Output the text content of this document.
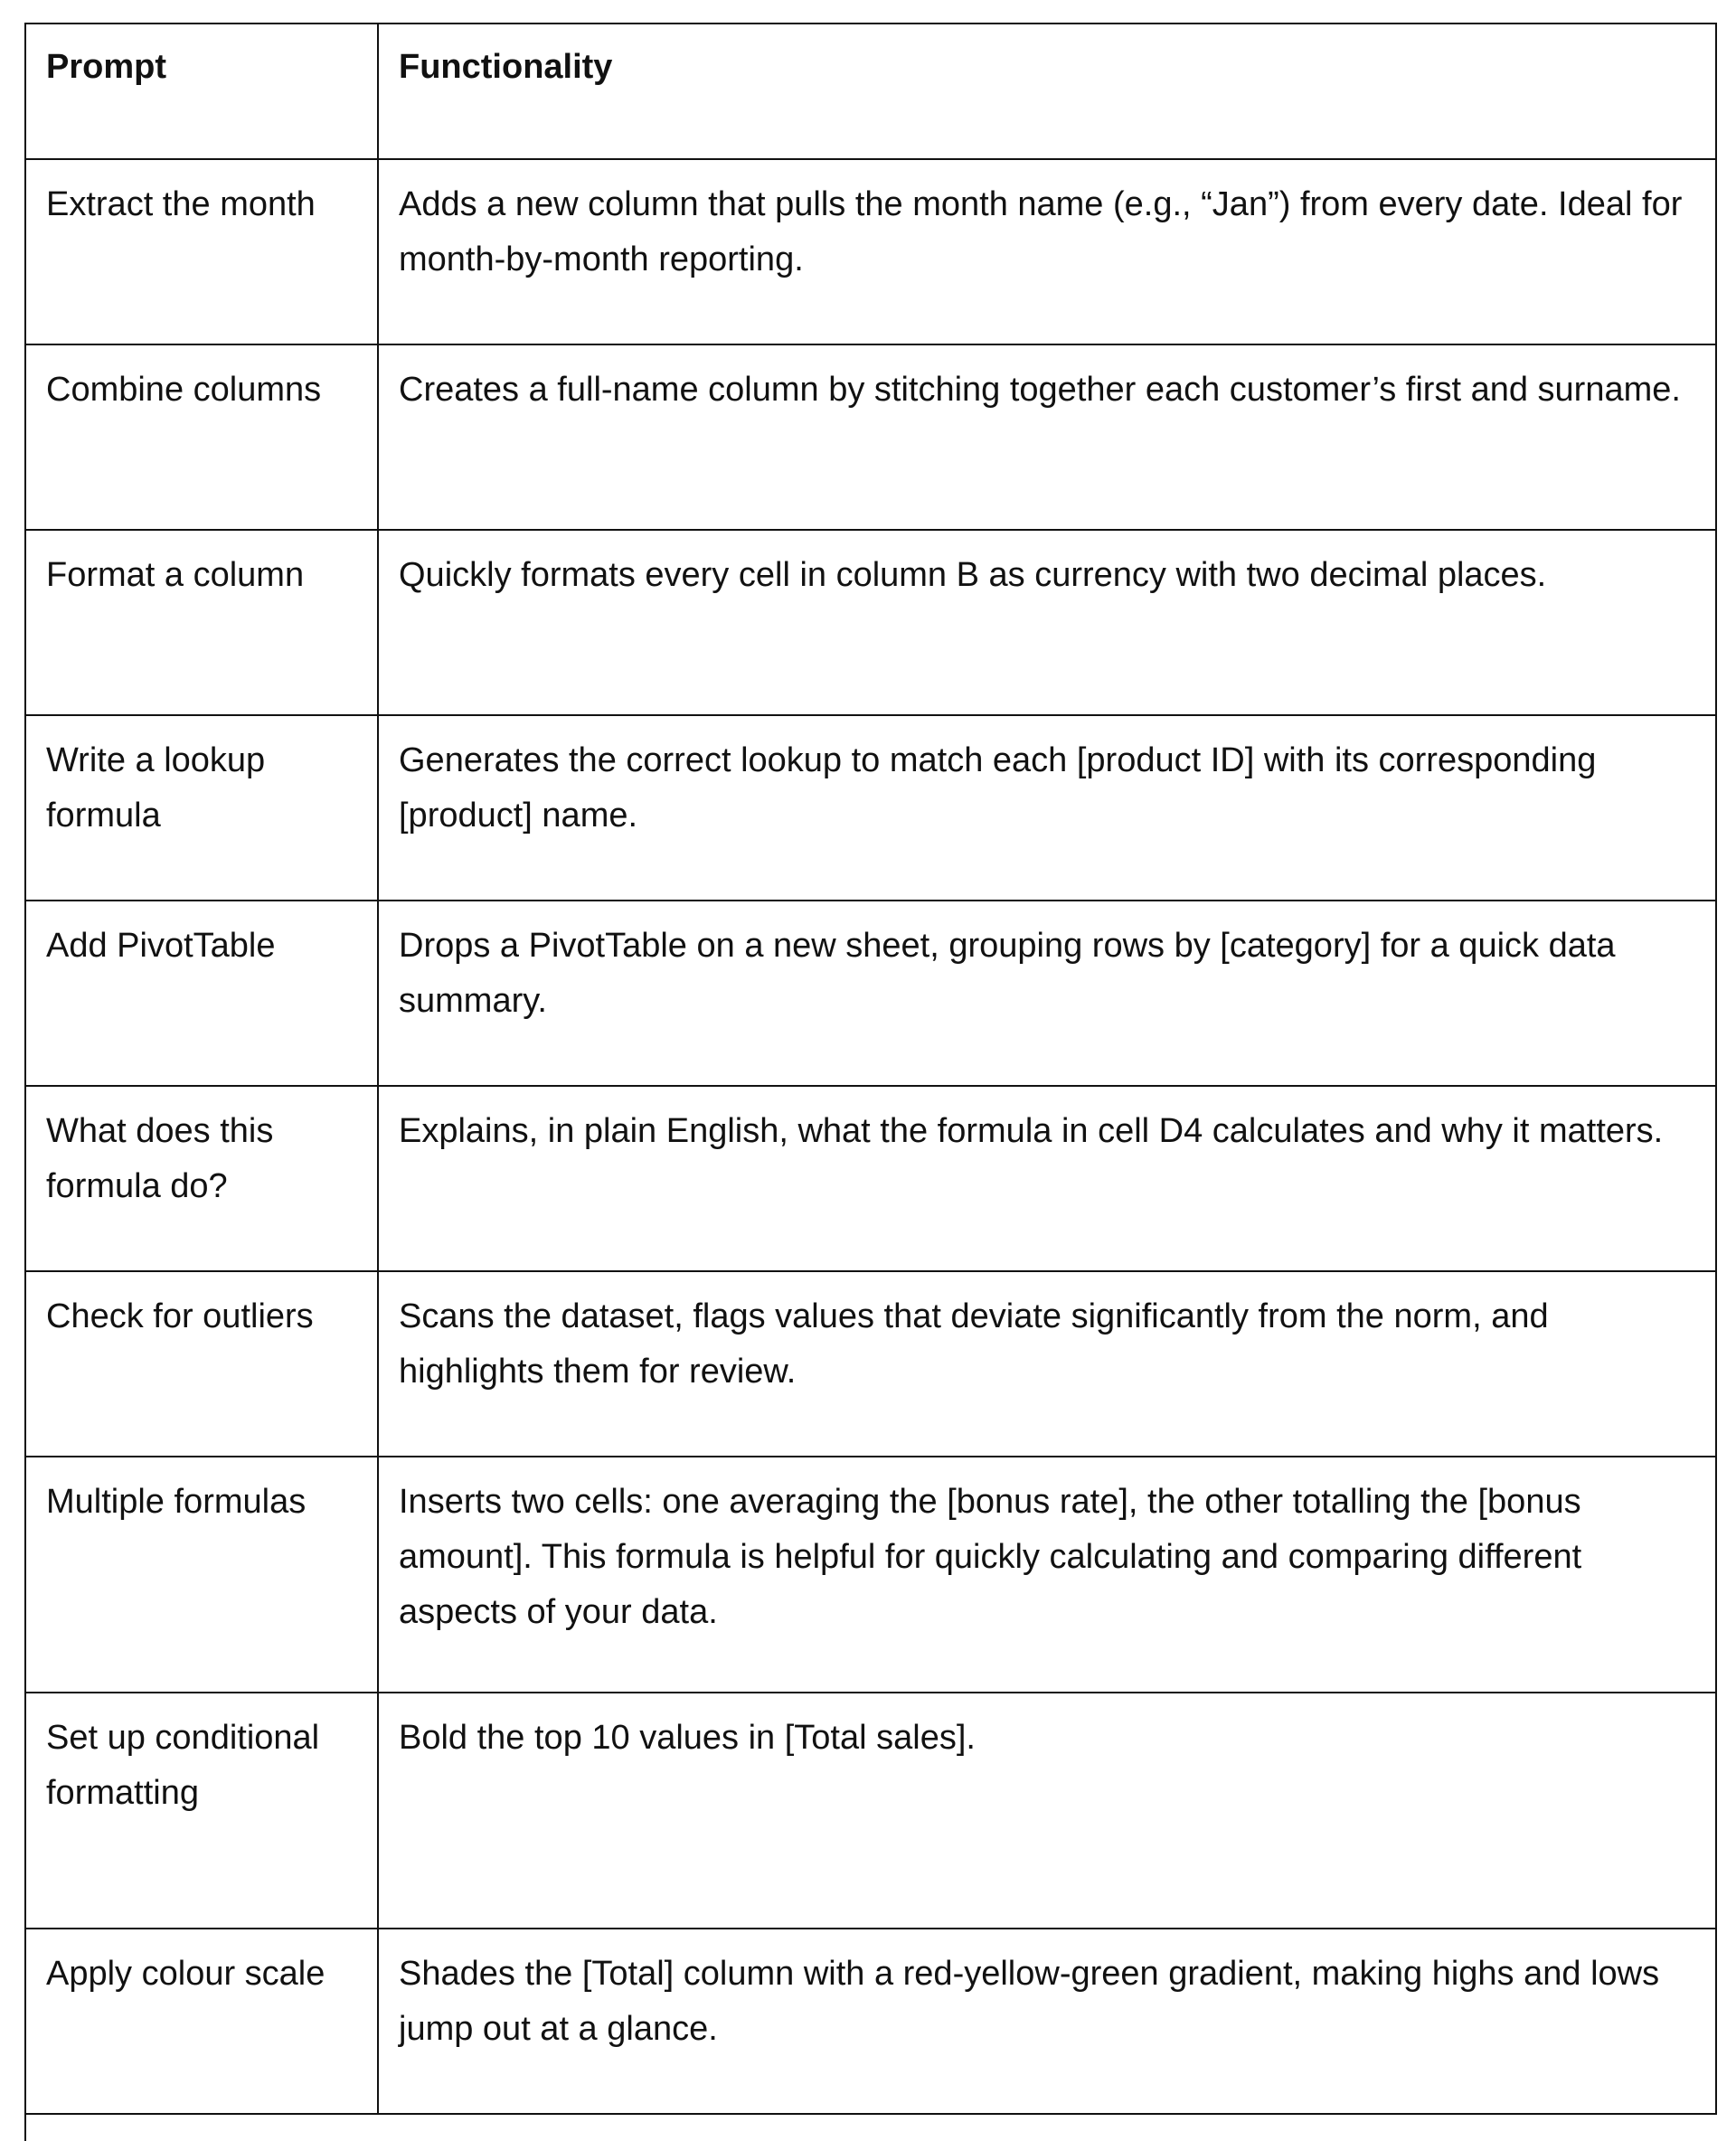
Prompt	Functionality
Extract the month	Adds a new column that pulls the month name (e.g., “Jan”) from every date. Ideal for month-by-month reporting.
Combine columns	Creates a full-name column by stitching together each customer’s first and surname.
Format a column	Quickly formats every cell in column B as currency with two decimal places.
Write a lookup formula	Generates the correct lookup to match each [product ID] with its corresponding [product] name.
Add PivotTable	Drops a PivotTable on a new sheet, grouping rows by [category] for a quick data summary.
What does this formula do?	Explains, in plain English, what the formula in cell D4 calculates and why it matters.
Check for outliers	Scans the dataset, flags values that deviate significantly from the norm, and highlights them for review.
Multiple formulas	Inserts two cells: one averaging the [bonus rate], the other totalling the [bonus amount]. This formula is helpful for quickly calculating and comparing different aspects of your data.
Set up conditional formatting	Bold the top 10 values in [Total sales].
Apply colour scale	Shades the [Total] column with a red-yellow-green gradient, making highs and lows jump out at a glance.
